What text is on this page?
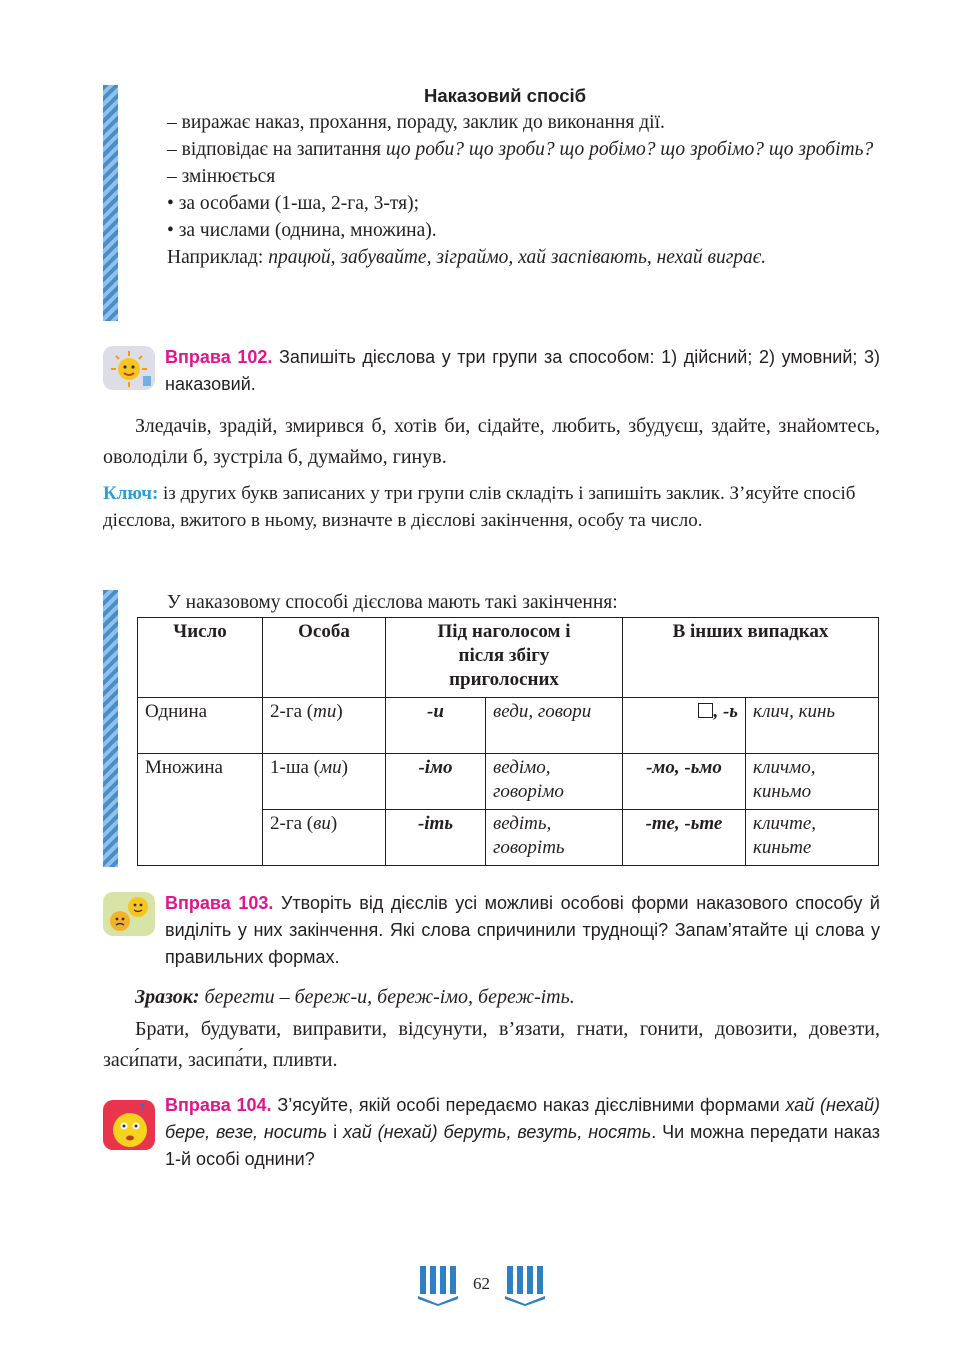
Наказовий спосіб

– виражає наказ, прохання, пораду, заклик до виконання дії.

– відповідає на запитання що роби? що зроби? що робімо? що зробімо? що зробіть?

– змінюється

• за особами (1-ша, 2-га, 3-тя);

• за числами (однина, множина).

Наприклад: працюй, забувайте, зіграймо, хай заспівають, нехай виграє.

Вправа 102. Запишіть дієслова у три групи за способом: 1) дійсний; 2) умовний; 3) наказовий.
Зледачів, зрадій, змирився б, хотів би, сідайте, любить, збудуєш, здайте, знайомтесь, оволоділи б, зустріла б, думаймо, гинув.
Ключ: із других букв записаних у три групи слів складіть і запишіть заклик. З’ясуйте спосіб дієслова, вжитого в ньому, визначте в дієслові закінчення, особу та число.
У наказовому способі дієслова мають такі закінчення:
Число	Особа	Під наголосом і після збігу приголосних		В інших випадках	
Однина	2-га (ти)	-и	веди, говори	, -ь	клич, кинь
Множина	1-ша (ми)	-імо	ведімо, говорімо	-мо, -ьмо	кличмо, киньмо
	2-га (ви)	-іть	ведіть, говоріть	-те, -ьте	кличте, киньте
Вправа 103. Утворіть від дієслів усі можливі особові форми наказового способу й виділіть у них закінчення. Які слова спричинили труднощі? Запам’ятайте ці слова у правильних формах.
Зразок: берегти – береж-и, береж-імо, береж-іть.
Брати, будувати, виправити, відсунути, в’язати, гнати, гонити, довозити, довезти, заси́пати, засипа́ти, пливти.
? Вправа 104. З’ясуйте, якій особі передаємо наказ дієслівними формами хай (нехай) бере, везе, носить і хай (нехай) беруть, везуть, носять. Чи можна передати наказ 1-й особі однини?
62
